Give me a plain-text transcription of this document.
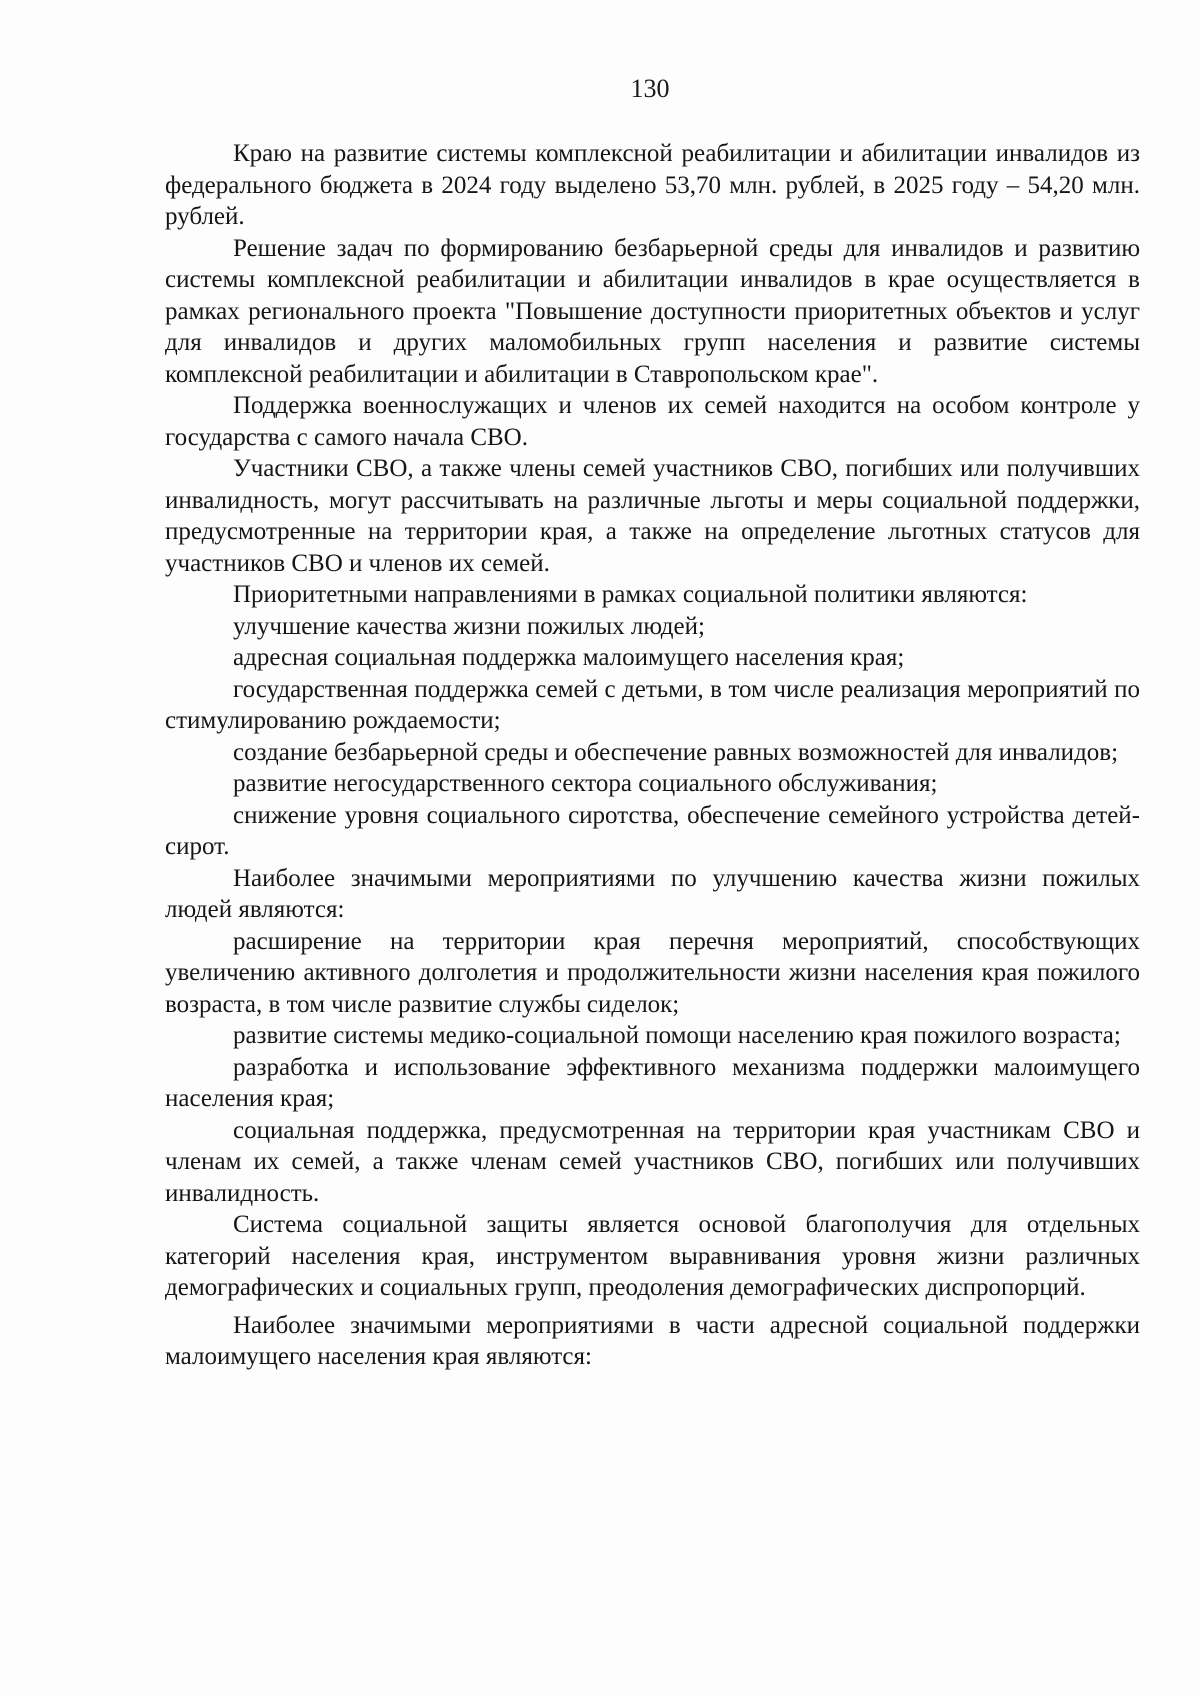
130

Краю на развитие системы комплексной реабилитации и абилитации инвалидов из федерального бюджета в 2024 году выделено 53,70 млн. рублей, в 2025 году – 54,20 млн. рублей.

Решение задач по формированию безбарьерной среды для инвалидов и развитию системы комплексной реабилитации и абилитации инвалидов в крае осуществляется в рамках регионального проекта "Повышение доступности приоритетных объектов и услуг для инвалидов и других маломобильных групп населения и развитие системы комплексной реабилитации и абилитации в Ставропольском крае".

Поддержка военнослужащих и членов их семей находится на особом контроле у государства с самого начала СВО.

Участники СВО, а также члены семей участников СВО, погибших или получивших инвалидность, могут рассчитывать на различные льготы и меры социальной поддержки, предусмотренные на территории края, а также на определение льготных статусов для участников СВО и членов их семей.

Приоритетными направлениями в рамках социальной политики являются:

улучшение качества жизни пожилых людей;

адресная социальная поддержка малоимущего населения края;

государственная поддержка семей с детьми, в том числе реализация мероприятий по стимулированию рождаемости;

создание безбарьерной среды и обеспечение равных возможностей для инвалидов;

развитие негосударственного сектора социального обслуживания;

снижение уровня социального сиротства, обеспечение семейного устройства детей-сирот.

Наиболее значимыми мероприятиями по улучшению качества жизни пожилых людей являются:

расширение на территории края перечня мероприятий, способствующих увеличению активного долголетия и продолжительности жизни населения края пожилого возраста, в том числе развитие службы сиделок;

развитие системы медико-социальной помощи населению края пожилого возраста;

разработка и использование эффективного механизма поддержки малоимущего населения края;

социальная поддержка, предусмотренная на территории края участникам СВО и членам их семей, а также членам семей участников СВО, погибших или получивших инвалидность.

Система социальной защиты является основой благополучия для отдельных категорий населения края, инструментом выравнивания уровня жизни различных демографических и социальных групп, преодоления демографических диспропорций.

Наиболее значимыми мероприятиями в части адресной социальной поддержки малоимущего населения края являются:
